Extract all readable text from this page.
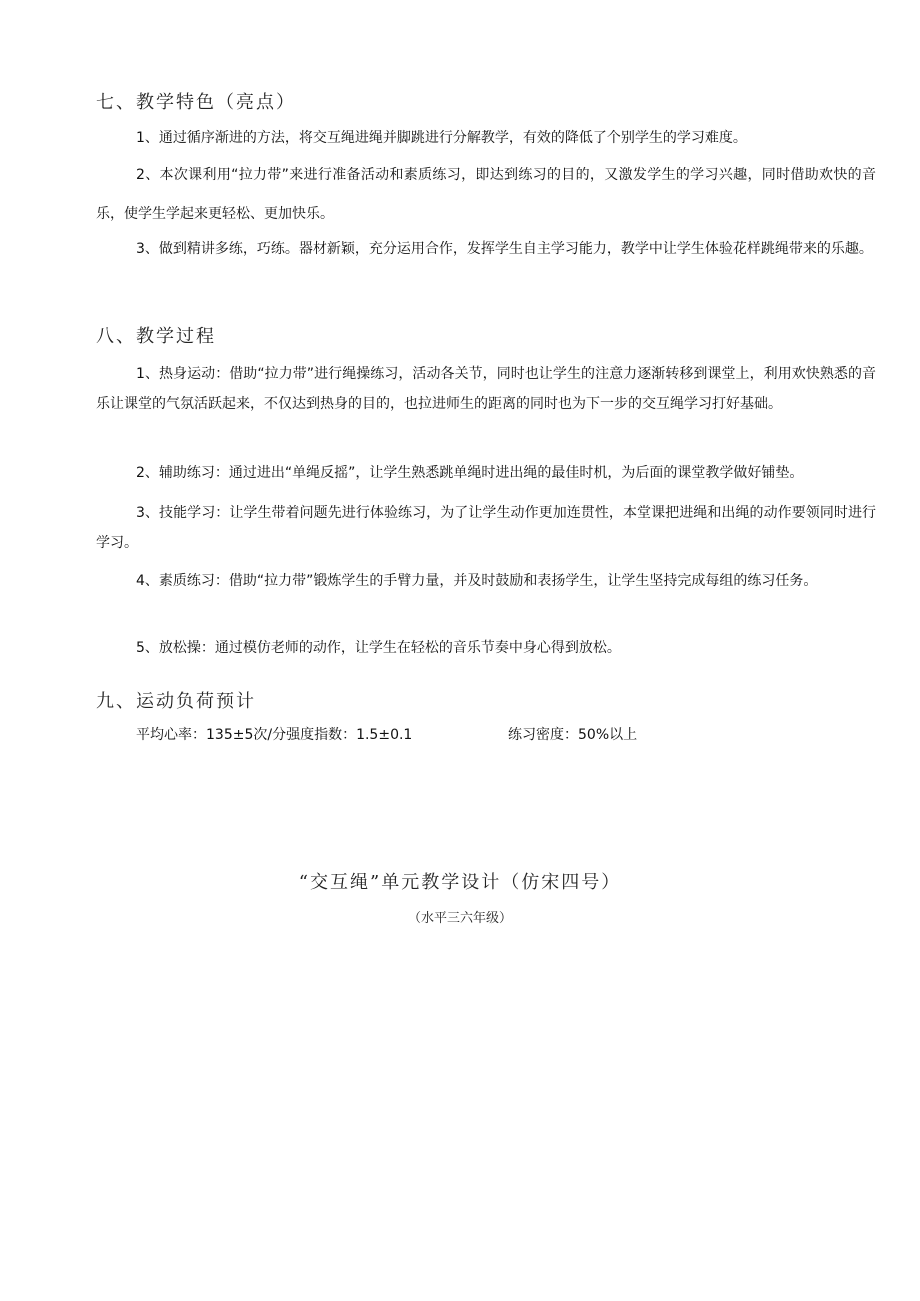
七、教学特色（亮点）
1、通过循序渐进的方法，将交互绳进绳并脚跳进行分解教学，有效的降低了个别学生的学习难度。
2、本次课利用“拉力带”来进行准备活动和素质练习，即达到练习的目的，又激发学生的学习兴趣，同时借助欢快的音乐，使学生学起来更轻松、更加快乐。
3、做到精讲多练，巧练。器材新颖，充分运用合作，发挥学生自主学习能力，教学中让学生体验花样跳绳带来的乐趣。
八、教学过程
1、热身运动：借助“拉力带”进行绳操练习，活动各关节，同时也让学生的注意力逐渐转移到课堂上，利用欢快熟悉的音乐让课堂的气氛活跃起来，不仅达到热身的目的，也拉进师生的距离的同时也为下一步的交互绳学习打好基础。
2、辅助练习：通过进出“单绳反摇”，让学生熟悉跳单绳时进出绳的最佳时机，为后面的课堂教学做好铺垫。
3、技能学习：让学生带着问题先进行体验练习，为了让学生动作更加连贯性，本堂课把进绳和出绳的动作要领同时进行学习。
4、素质练习：借助“拉力带”锻炼学生的手臂力量，并及时鼓励和表扬学生，让学生坚持完成每组的练习任务。
5、放松操：通过模仿老师的动作，让学生在轻松的音乐节奏中身心得到放松。
九、运动负荷预计
平均心率：135±5次/分强度指数：1.5±0.1	练习密度：50%以上
“交互绳”单元教学设计（仿宋四号）
（水平三六年级）
